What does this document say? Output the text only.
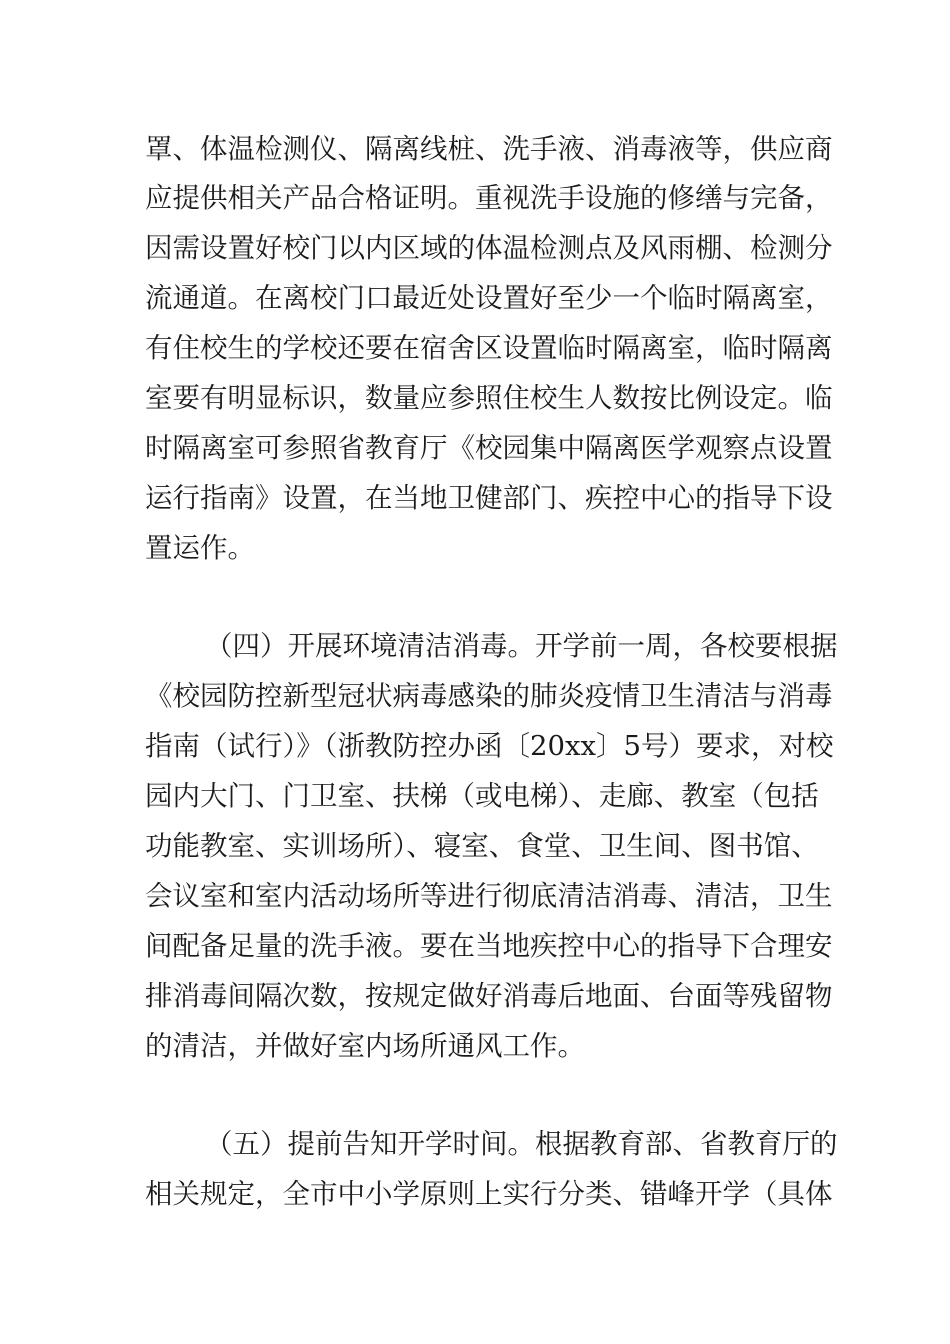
罩、体温检测仪、隔离线桩、洗手液、消毒液等，供应商

应提供相关产品合格证明。重视洗手设施的修缮与完备，

因需设置好校门以内区域的体温检测点及风雨棚、检测分

流通道。在离校门口最近处设置好至少一个临时隔离室，

有住校生的学校还要在宿舍区设置临时隔离室，临时隔离

室要有明显标识，数量应参照住校生人数按比例设定。临

时隔离室可参照省教育厅《校园集中隔离医学观察点设置

运行指南》设置，在当地卫健部门、疾控中心的指导下设

置运作。

（四）开展环境清洁消毒。开学前一周，各校要根据

《校园防控新型冠状病毒感染的肺炎疫情卫生清洁与消毒

指南（试行）》（浙教防控办函〔20xx〕5号）要求，对校

园内大门、门卫室、扶梯（或电梯）、走廊、教室（包括

功能教室、实训场所）、寝室、食堂、卫生间、图书馆、

会议室和室内活动场所等进行彻底清洁消毒、清洁，卫生

间配备足量的洗手液。要在当地疾控中心的指导下合理安

排消毒间隔次数，按规定做好消毒后地面、台面等残留物

的清洁，并做好室内场所通风工作。

（五）提前告知开学时间。根据教育部、省教育厅的

相关规定，全市中小学原则上实行分类、错峰开学（具体
